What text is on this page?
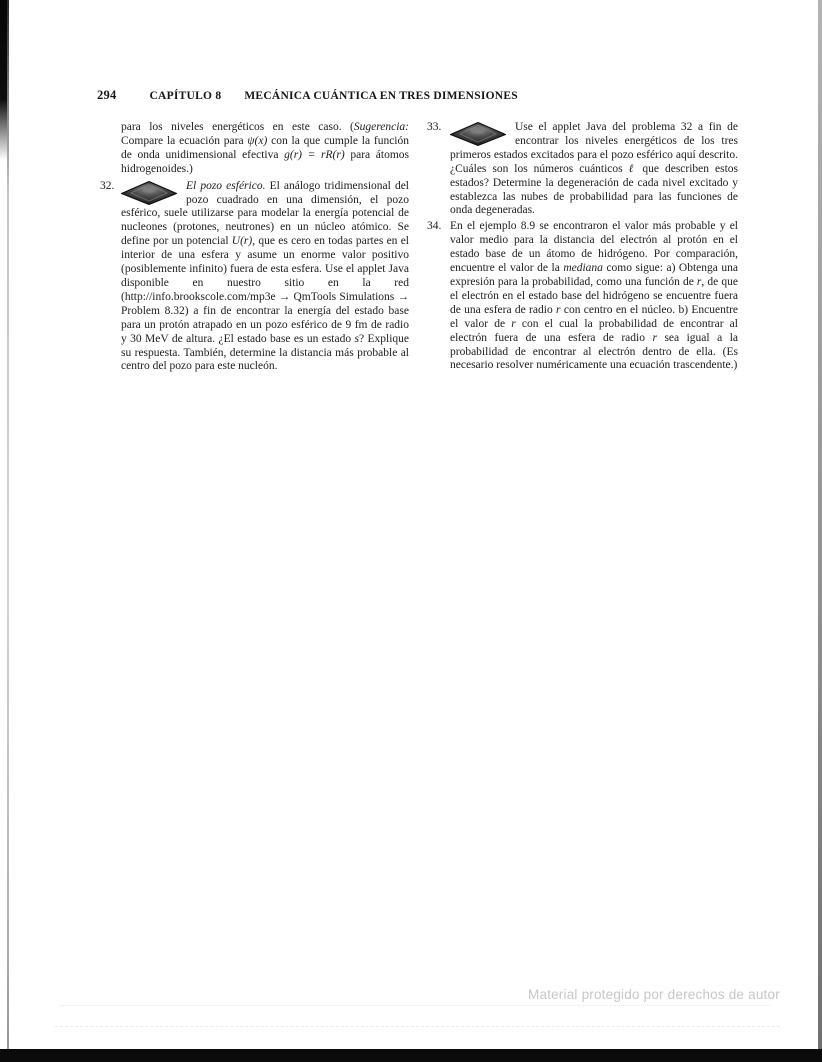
294	CAPÍTULO 8 MECÁNICA CUÁNTICA EN TRES DIMENSIONES

para los niveles energéticos en este caso. (Sugerencia: Compare la ecuación para ψ(x) con la que cumple la función de onda unidimensional efectiva g(r) = rR(r) para átomos hidrogenoides.)

32.	El pozo esférico. El análogo tridimensional del pozo cuadrado en una dimensión, el pozo esférico, suele utilizarse para modelar la energía potencial de nucleones (protones, neutrones) en un núcleo atómico. Se define por un potencial U(r), que es cero en todas partes en el interior de una esfera y asume un enorme valor positivo (posiblemente infinito) fuera de esta esfera. Use el applet Java disponible en nuestro sitio en la red (http://info.brookscole.com/mp3e → QmTools Simulations → Problem 8.32) a fin de encontrar la energía del estado base para un protón atrapado en un pozo esférico de 9 fm de radio y 30 MeV de altura. ¿El estado base es un estado s? Explique su respuesta. También, determine la distancia más probable al centro del pozo para este nucleón.
33.	Use el applet Java del problema 32 a fin de encontrar los niveles energéticos de los tres primeros estados excitados para el pozo esférico aquí descrito. ¿Cuáles son los números cuánticos ℓ que describen estos estados? Determine la degeneración de cada nivel excitado y establezca las nubes de probabilidad para las funciones de onda degeneradas.
34. En el ejemplo 8.9 se encontraron el valor más probable y el valor medio para la distancia del electrón al protón en el estado base de un átomo de hidrógeno. Por comparación, encuentre el valor de la mediana como sigue: a) Obtenga una expresión para la probabilidad, como una función de r, de que el electrón en el estado base del hidrógeno se encuentre fuera de una esfera de radio r con centro en el núcleo. b) Encuentre el valor de r con el cual la probabilidad de encontrar al electrón fuera de una esfera de radio r sea igual a la probabilidad de encontrar al electrón dentro de ella. (Es necesario resolver numéricamente una ecuación trascendente.)
Material protegido por derechos de autor
